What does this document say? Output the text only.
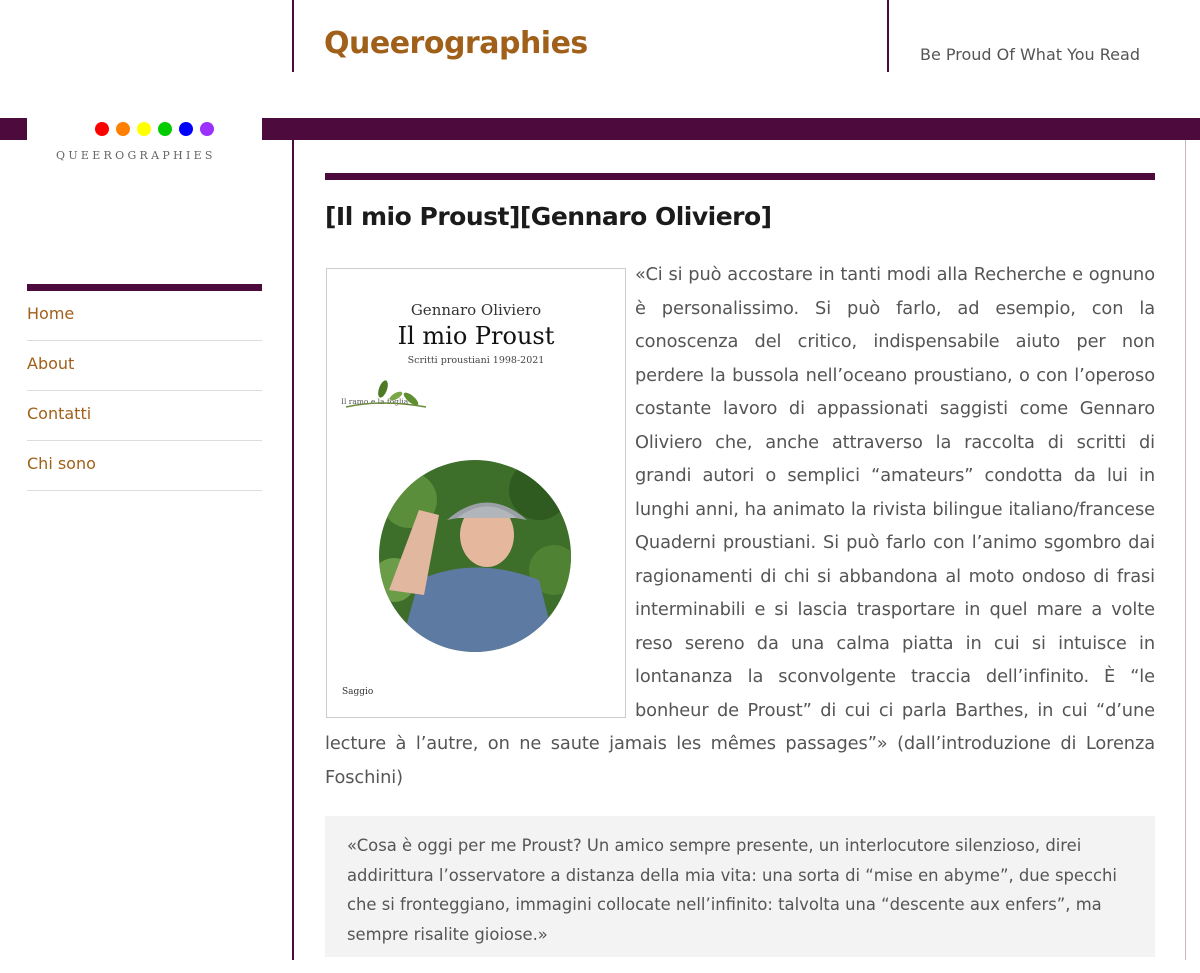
Queerographies	Be Proud Of What You Read
QUEEROGRAPHIES
Home
About
Contatti
Chi sono
[Il mio Proust][Gennaro Oliviero]
Gennaro Oliviero
Il mio Proust
Scritti proustiani 1998-2021
Il ramo e la foglia
Saggio

«Ci si può accostare in tanti modi alla Recherche e ognuno è personalissimo. Si può farlo, ad esempio, con la conoscenza del critico, indispensabile aiuto per non perdere la bussola nell’oceano proustiano, o con l’operoso costante lavoro di appassionati saggisti come Gennaro Oliviero che, anche attraverso la raccolta di scritti di grandi autori o semplici “amateurs” condotta da lui in lunghi anni, ha animato la rivista bilingue italiano/francese Quaderni proustiani. Si può farlo con l’animo sgombro dai ragionamenti di chi si abbandona al moto ondoso di frasi interminabili e si lascia trasportare in quel mare a volte reso sereno da una calma piatta in cui si intuisce in lontananza la sconvolgente traccia dell’infinito. È “le bonheur de Proust” di cui ci parla Barthes, in cui “d’une lecture à l’autre, on ne saute jamais les mêmes passages”» (dall’introduzione di Lorenza Foschini)

«Cosa è oggi per me Proust? Un amico sempre presente, un interlocutore silenzioso, direi addirittura l’osservatore a distanza della mia vita: una sorta di “mise en abyme”, due specchi che si fronteggiano, immagini collocate nell’infinito: talvolta una “descente aux enfers”, ma sempre risalite gioiose.»
